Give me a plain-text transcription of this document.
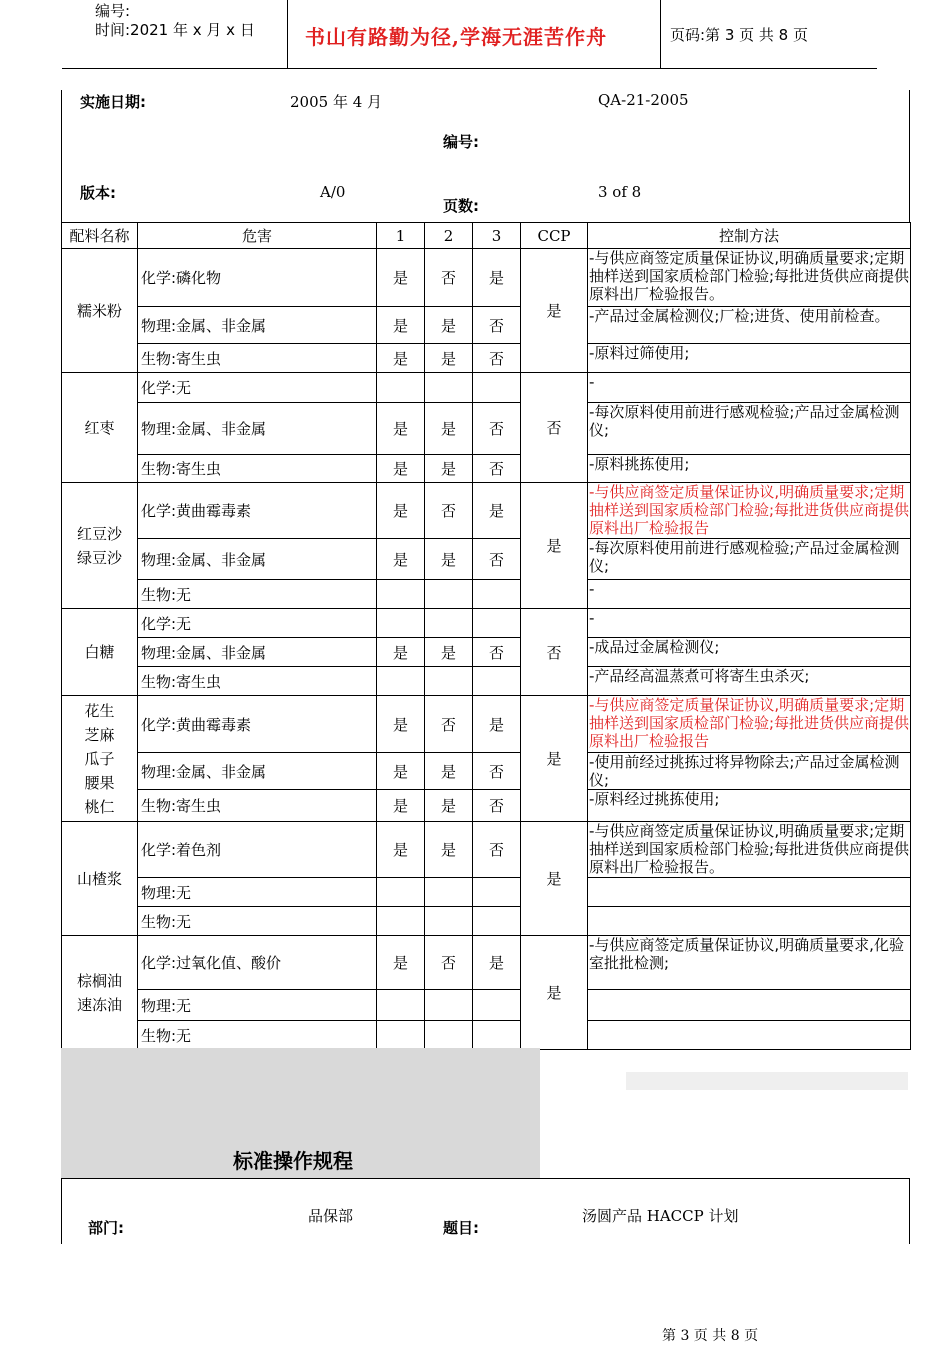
编号:
时间:2021 年 x 月 x 日	书山有路勤为径,学海无涯苦作舟	页码:第 3 页 共 8 页
实施日期:	2005 年 4 月	QA-21-2005
编号:
版本:	A/0	3 of 8
页数:
配料名称	危害	1	2	3	CCP	控制方法
糯米粉	化学:磷化物	是	否	是	是	-与供应商签定质量保证协议,明确质量要求;定期抽样送到国家质检部门检验;每批进货供应商提供原料出厂检验报告。
	物理:金属、非金属	是	是	否		-产品过金属检测仪;厂检;进货、使用前检查。
	生物:寄生虫	是	是	否		-原料过筛使用;
红枣	化学:无				否	-
	物理:金属、非金属	是	是	否		-每次原料使用前进行感观检验;产品过金属检测仪;
	生物:寄生虫	是	是	否		-原料挑拣使用;
红豆沙
绿豆沙	化学:黄曲霉毒素	是	否	是	是	-与供应商签定质量保证协议,明确质量要求;定期抽样送到国家质检部门检验;每批进货供应商提供原料出厂检验报告
	物理:金属、非金属	是	是	否		-每次原料使用前进行感观检验;产品过金属检测仪;
	生物:无					-
白糖	化学:无				否	-
	物理:金属、非金属	是	是	否		-成品过金属检测仪;
	生物:寄生虫					-产品经高温蒸煮可将寄生虫杀灭;
花生
芝麻
瓜子
腰果
桃仁	化学:黄曲霉毒素	是	否	是	是	-与供应商签定质量保证协议,明确质量要求;定期抽样送到国家质检部门检验;每批进货供应商提供原料出厂检验报告
	物理:金属、非金属	是	是	否		-使用前经过挑拣过将异物除去;产品过金属检测仪;
	生物:寄生虫	是	是	否		-原料经过挑拣使用;
山楂浆	化学:着色剂	是	是	否	是	-与供应商签定质量保证协议,明确质量要求;定期抽样送到国家质检部门检验;每批进货供应商提供原料出厂检验报告。
	物理:无					
	生物:无					
棕榈油
速冻油	化学:过氧化值、酸价	是	否	是	是	-与供应商签定质量保证协议,明确质量要求,化验室批批检测;
	物理:无					
	生物:无					
标准操作规程
部门:
品保部
题目:
汤圆产品 HACCP 计划
第 3 页 共 8 页
